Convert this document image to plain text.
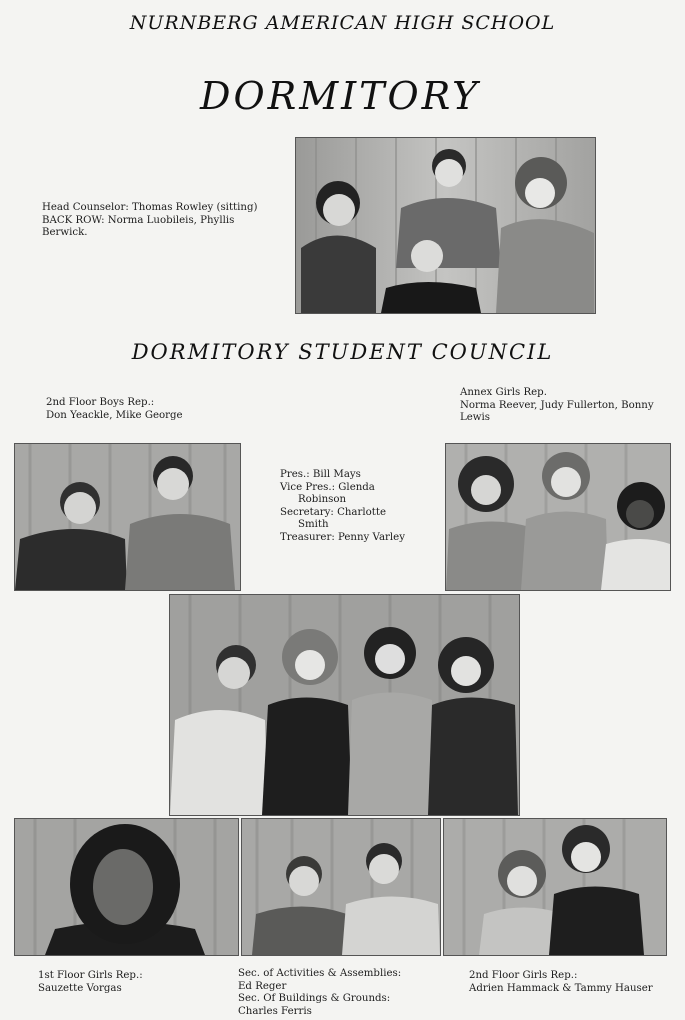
NURNBERG AMERICAN HIGH SCHOOL
DORMITORY
Head Counselor: Thomas Rowley (sitting)
BACK ROW: Norma Luobileis, Phyllis
Berwick.
DORMITORY STUDENT COUNCIL
2nd Floor Boys Rep.:
Don Yeackle, Mike George
Annex Girls Rep.
Norma Reever, Judy Fullerton, Bonny
Lewis
Pres.: Bill Mays
Vice Pres.: Glenda
Robinson
Secretary: Charlotte
Smith
Treasurer: Penny Varley
1st Floor Girls Rep.:
Sauzette Vorgas
Sec. of Activities & Assemblies:
Ed Reger
Sec. Of Buildings & Grounds:
Charles Ferris
2nd Floor Girls Rep.:
Adrien Hammack & Tammy Hauser
